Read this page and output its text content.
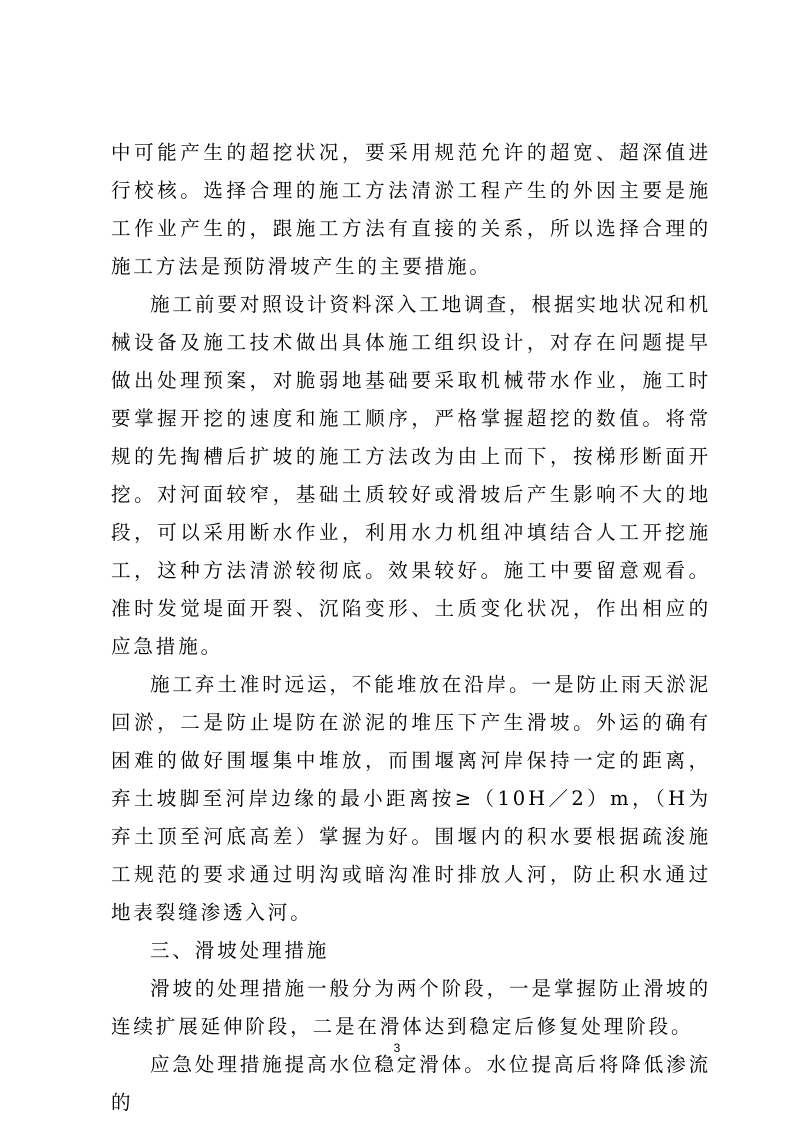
中可能产生的超挖状况，要采用规范允许的超宽、超深值进行校核。选择合理的施工方法清淤工程产生的外因主要是施工作业产生的，跟施工方法有直接的关系，所以选择合理的施工方法是预防滑坡产生的主要措施。

施工前要对照设计资料深入工地调查，根据实地状况和机械设备及施工技术做出具体施工组织设计，对存在问题提早做出处理预案，对脆弱地基础要采取机械带水作业，施工时要掌握开挖的速度和施工顺序，严格掌握超挖的数值。将常规的先掏槽后扩坡的施工方法改为由上而下，按梯形断面开挖。对河面较窄，基础土质较好或滑坡后产生影响不大的地段，可以采用断水作业，利用水力机组冲填结合人工开挖施工，这种方法清淤较彻底。效果较好。施工中要留意观看。准时发觉堤面开裂、沉陷变形、土质变化状况，作出相应的应急措施。

施工弃土准时远运，不能堆放在沿岸。一是防止雨天淤泥回淤，二是防止堤防在淤泥的堆压下产生滑坡。外运的确有困难的做好围堰集中堆放，而围堰离河岸保持一定的距离，弃土坡脚至河岸边缘的最小距离按≥（10H／2）m，（H为弃土顶至河底高差）掌握为好。围堰内的积水要根据疏浚施工规范的要求通过明沟或暗沟准时排放人河，防止积水通过地表裂缝渗透入河。

三、滑坡处理措施

滑坡的处理措施一般分为两个阶段，一是掌握防止滑坡的连续扩展延伸阶段，二是在滑体达到稳定后修复处理阶段。

应急处理措施提高水位稳定滑体。水位提高后将降低渗流的

3
